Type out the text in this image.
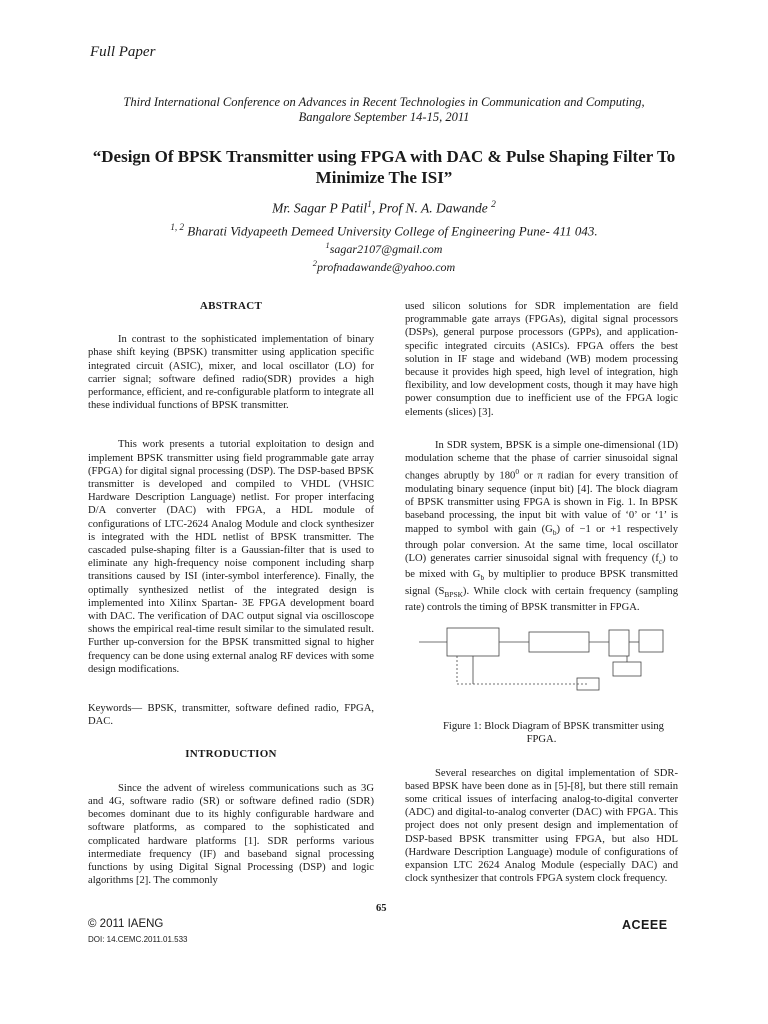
Full Paper
Third International Conference on Advances in Recent Technologies in Communication and Computing,
Bangalore September 14-15, 2011
“Design Of BPSK Transmitter using FPGA with DAC & Pulse Shaping Filter To
Minimize The ISI”
Mr. Sagar P Patil$^1$, Prof N. A. Dawande $^2$
$^{1, 2}$ Bharati Vidyapeeth Demeed University College of Engineering Pune- 411 043.
$^1$sagar2107@gmail.com
$^2$profnadawande@yahoo.com
ABSTRACT

In contrast to the sophisticated implementation of binary phase shift keying (BPSK) transmitter using application specific integrated circuit (ASIC), mixer, and local oscillator (LO) for carrier signal; software defined radio(SDR) provides a high performance, efficient, and re-configurable platform to integrate all these individual functions of BPSK transmitter.

This work presents a tutorial exploitation to design and implement BPSK transmitter using field programmable gate array (FPGA) for digital signal processing (DSP). The DSP-based BPSK transmitter is developed and compiled to VHDL (VHSIC Hardware Description Language) netlist. For proper interfacing D/A converter (DAC) with FPGA, a HDL module of configurations of LTC-2624 Analog Module and clock synthesizer is integrated with the HDL netlist of BPSK transmitter. The cascaded pulse-shaping filter is a Gaussian-filter that is used to eliminate any high-frequency noise component including sharp transitions caused by ISI (inter-symbol interference). Finally, the optimally synthesized netlist of the integrated design is implemented into Xilinx Spartan- 3E FPGA development board with DAC. The verification of DAC output signal via oscilloscope shows the empirical real-time result similar to the simulated result. Further up-conversion for the BPSK transmitted signal to higher frequency can be done using external analog RF devices with some design modifications.

Keywords— BPSK, transmitter, software defined radio, FPGA, DAC.

INTRODUCTION

Since the advent of wireless communications such as 3G and 4G, software radio (SR) or software defined radio (SDR) becomes dominant due to its highly configurable hardware and software platforms, as compared to the sophisticated and complicated hardware platforms [1]. SDR performs various intermediate frequency (IF) and baseband signal processing functions by using Digital Signal Processing (DSP) and logic algorithms [2]. The commonly

used silicon solutions for SDR implementation are field programmable gate arrays (FPGAs), digital signal processors (DSPs), general purpose processors (GPPs), and application-specific integrated circuits (ASICs). FPGA offers the best solution in IF stage and wideband (WB) modem processing because it provides high speed, high level of integration, high flexibility, and low development costs, though it may have high power consumption due to inefficient use of the FPGA logic elements (slices) [3].

In SDR system, BPSK is a simple one-dimensional (1D) modulation scheme that the phase of carrier sinusoidal signal changes abruptly by $180^0$ or π radian for every transition of modulating binary sequence (input bit) [4]. The block diagram of BPSK transmitter using FPGA is shown in Fig. 1. In BPSK baseband processing, the input bit with value of ‘0’ or ‘1’ is mapped to symbol with gain $(G_b)$ of −1 or +1 respectively through polar conversion. At the same time, local oscillator (LO) generates carrier sinusoidal signal with frequency $(f_c)$ to be mixed with $G_b$ by multiplier to produce BPSK transmitted signal $(S_{BPSK})$. While clock with certain frequency (sampling rate) controls the timing of BPSK transmitter in FPGA.

Figure 1: Block Diagram of BPSK transmitter using FPGA.

Several researches on digital implementation of SDR-based BPSK have been done as in [5]-[8], but there still remain some critical issues of interfacing analog-to-digital converter (ADC) and digital-to-analog converter (DAC) with FPGA. This project does not only present design and implementation of DSP-based BPSK transmitter using FPGA, but also HDL (Hardware Description Language) module of configurations of expansion LTC 2624 Analog Module (especially DAC) and clock synthesizer that controls FPGA system clock frequency.

65
© 2011 IAENG
DOI: 14.CEMC.2011.01.533
ACEEE
